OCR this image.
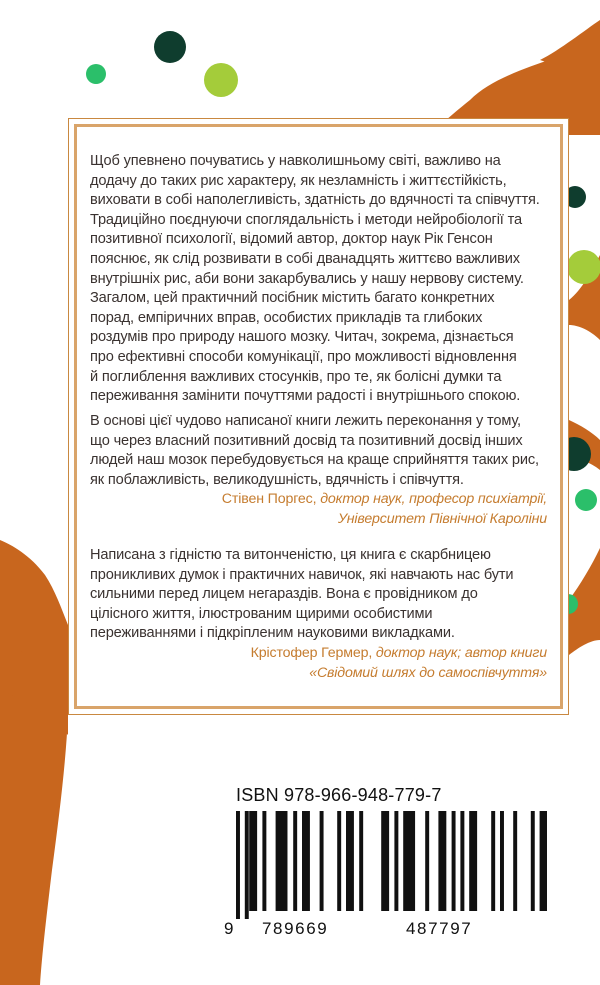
Щоб упевнено почуватись у навколишньому світі, важливо на
додачу до таких рис характеру, як незламність і життєстійкість,
виховати в собі наполегливість, здатність до вдячності та співчуття.
Традиційно поєднуючи споглядальність і методи нейробіології та
позитивної психології, відомий автор, доктор наук Рік Генсон
пояснює, як слід розвивати в собі дванадцять життєво важливих
внутрішніх рис, аби вони закарбувались у нашу нервову систему.
Загалом, цей практичний посібник містить багато конкретних
порад, емпіричних вправ, особистих прикладів та глибоких
роздумів про природу нашого мозку. Читач, зокрема, дізнається
про ефективні способи комунікації, про можливості відновлення
й поглиблення важливих стосунків, про те, як болісні думки та
переживання замінити почуттями радості і внутрішнього спокою.

В основі цієї чудово написаної книги лежить переконання у тому,
що через власний позитивний досвід та позитивний досвід інших
людей наш мозок перебудовується на краще сприйняття таких рис,
як поблажливість, великодушність, вдячність і співчуття.

Стівен Поргес, доктор наук, професор психіатрії,
Університет Північної Кароліни

Написана з гідністю та витонченістю, ця книга є скарбницею
проникливих думок і практичних навичок, які навчають нас бути
сильними перед лицем негараздів. Вона є провідником до
цілісного життя, ілюстрованим щирими особистими
переживаннями і підкріпленим науковими викладками.

Крістофер Гермер, доктор наук; автор книги
«Свідомий шлях до самоспівчуття»
ISBN 978-966-948-779-7
9 789669	487797
